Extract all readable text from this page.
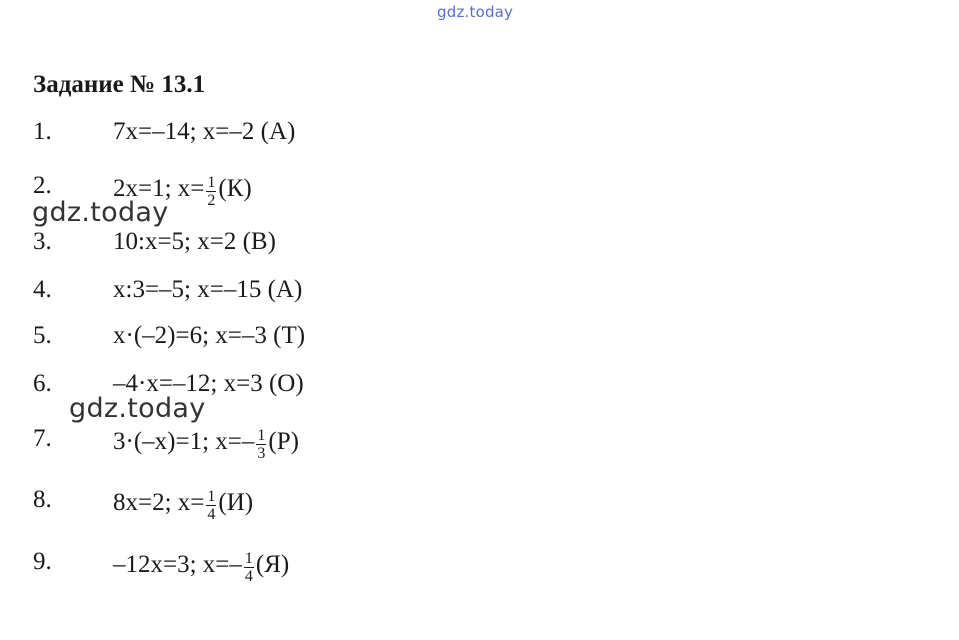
gdz.today
Задание № 13.1
1. 7x=–14; x=–2 (А)
2. 2x=1; $x= \frac{1}{2} (К)$
3. 10:x=5; x=2 (В)
4. x:3=–5; x=–15 (А)
5. x·(–2)=6; x=–3 (Т)
6. –4·x=–12; x=3 (О)
7. 3·(–x)=1; $x=- \frac{1}{3} (Р)$
8. 8x=2; $x= \frac{1}{4} (И)$
9. –12x=3; $x=- \frac{1}{4} (Я)$
gdz.today
gdz.today
